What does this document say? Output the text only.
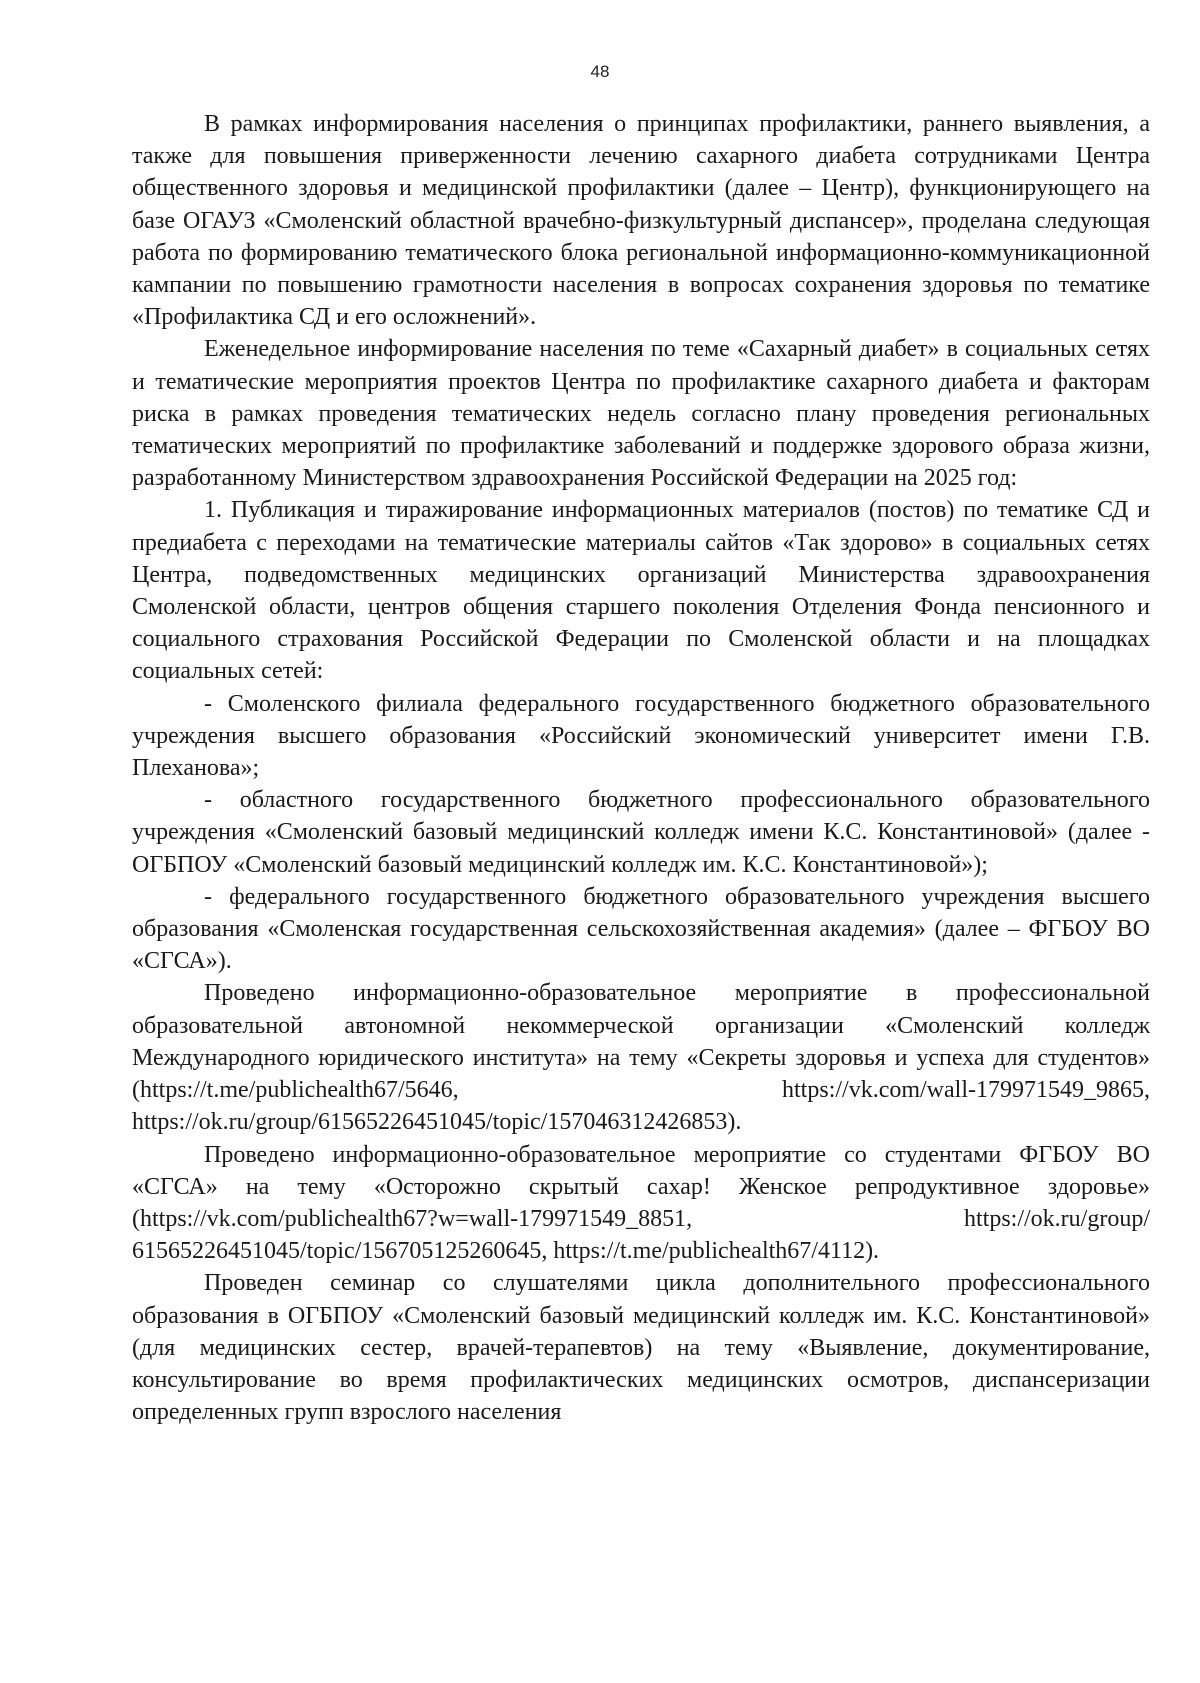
48

В рамках информирования населения о принципах профилактики, раннего выявления, а также для повышения приверженности лечению сахарного диабета сотрудниками Центра общественного здоровья и медицинской профилактики (далее – Центр), функционирующего на базе ОГАУЗ «Смоленский областной врачебно-физкультурный диспансер», проделана следующая работа по формированию тематического блока региональной информационно-коммуникационной кампании по повышению грамотности населения в вопросах сохранения здоровья по тематике «Профилактика СД и его осложнений».

Еженедельное информирование населения по теме «Сахарный диабет» в социальных сетях и тематические мероприятия проектов Центра по профилактике сахарного диабета и факторам риска в рамках проведения тематических недель согласно плану проведения региональных тематических мероприятий по профилактике заболеваний и поддержке здорового образа жизни, разработанному Министерством здравоохранения Российской Федерации на 2025 год:

1. Публикация и тиражирование информационных материалов (постов) по тематике СД и предиабета с переходами на тематические материалы сайтов «Так здорово» в социальных сетях Центра, подведомственных медицинских организаций Министерства здравоохранения Смоленской области, центров общения старшего поколения Отделения Фонда пенсионного и социального страхования Российской Федерации по Смоленской области и на площадках социальных сетей:

- Смоленского филиала федерального государственного бюджетного образовательного учреждения высшего образования «Российский экономический университет имени Г.В. Плеханова»;

- областного государственного бюджетного профессионального образовательного учреждения «Смоленский базовый медицинский колледж имени К.С. Константиновой» (далее - ОГБПОУ «Смоленский базовый медицинский колледж им. К.С. Константиновой»);

- федерального государственного бюджетного образовательного учреждения высшего образования «Смоленская государственная сельскохозяйственная академия» (далее – ФГБОУ ВО «СГСА»).

Проведено информационно-образовательное мероприятие в профессиональной образовательной автономной некоммерческой организации «Смоленский колледж Международного юридического института» на тему «Секреты здоровья и успеха для студентов» (https://t.me/publichealth67/5646, https://vk.com/wall-179971549_9865, https://ok.ru/group/61565226451045/topic/157046312426853).

Проведено информационно-образовательное мероприятие со студентами ФГБОУ ВО «СГСА» на тему «Осторожно скрытый сахар! Женское репродуктивное здоровье» (https://vk.com/publichealth67?w=wall-179971549_8851, https://ok.ru/group/ 61565226451045/topic/156705125260645, https://t.me/publichealth67/4112).

Проведен семинар со слушателями цикла дополнительного профессионального образования в ОГБПОУ «Смоленский базовый медицинский колледж им. К.С. Константиновой» (для медицинских сестер, врачей-терапевтов) на тему «Выявление, документирование, консультирование во время профилактических медицинских осмотров, диспансеризации определенных групп взрослого населения
